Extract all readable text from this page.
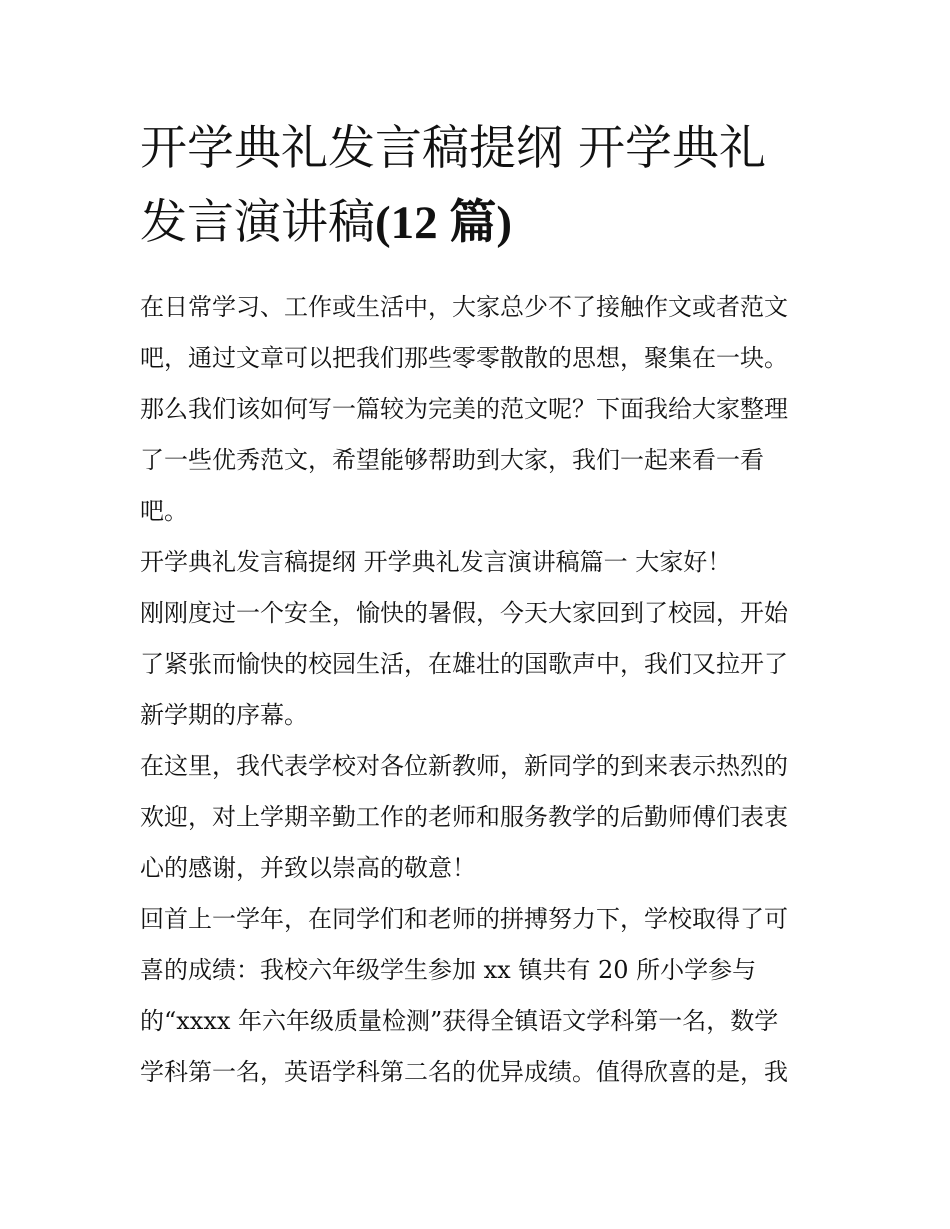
开学典礼发言稿提纲 开学典礼
发言演讲稿(12 篇)

在日常学习、工作或生活中，大家总少不了接触作文或者范文
吧，通过文章可以把我们那些零零散散的思想，聚集在一块。
那么我们该如何写一篇较为完美的范文呢？下面我给大家整理
了一些优秀范文，希望能够帮助到大家，我们一起来看一看
吧。

开学典礼发言稿提纲 开学典礼发言演讲稿篇一 大家好！

刚刚度过一个安全，愉快的暑假，今天大家回到了校园，开始
了紧张而愉快的校园生活，在雄壮的国歌声中，我们又拉开了
新学期的序幕。

在这里，我代表学校对各位新教师，新同学的到来表示热烈的
欢迎，对上学期辛勤工作的老师和服务教学的后勤师傅们表衷
心的感谢，并致以崇高的敬意！

回首上一学年，在同学们和老师的拼搏努力下，学校取得了可
喜的成绩：我校六年级学生参加 xx 镇共有 20 所小学参与
的“xxxx 年六年级质量检测”获得全镇语文学科第一名，数学
学科第一名，英语学科第二名的优异成绩。值得欣喜的是，我
